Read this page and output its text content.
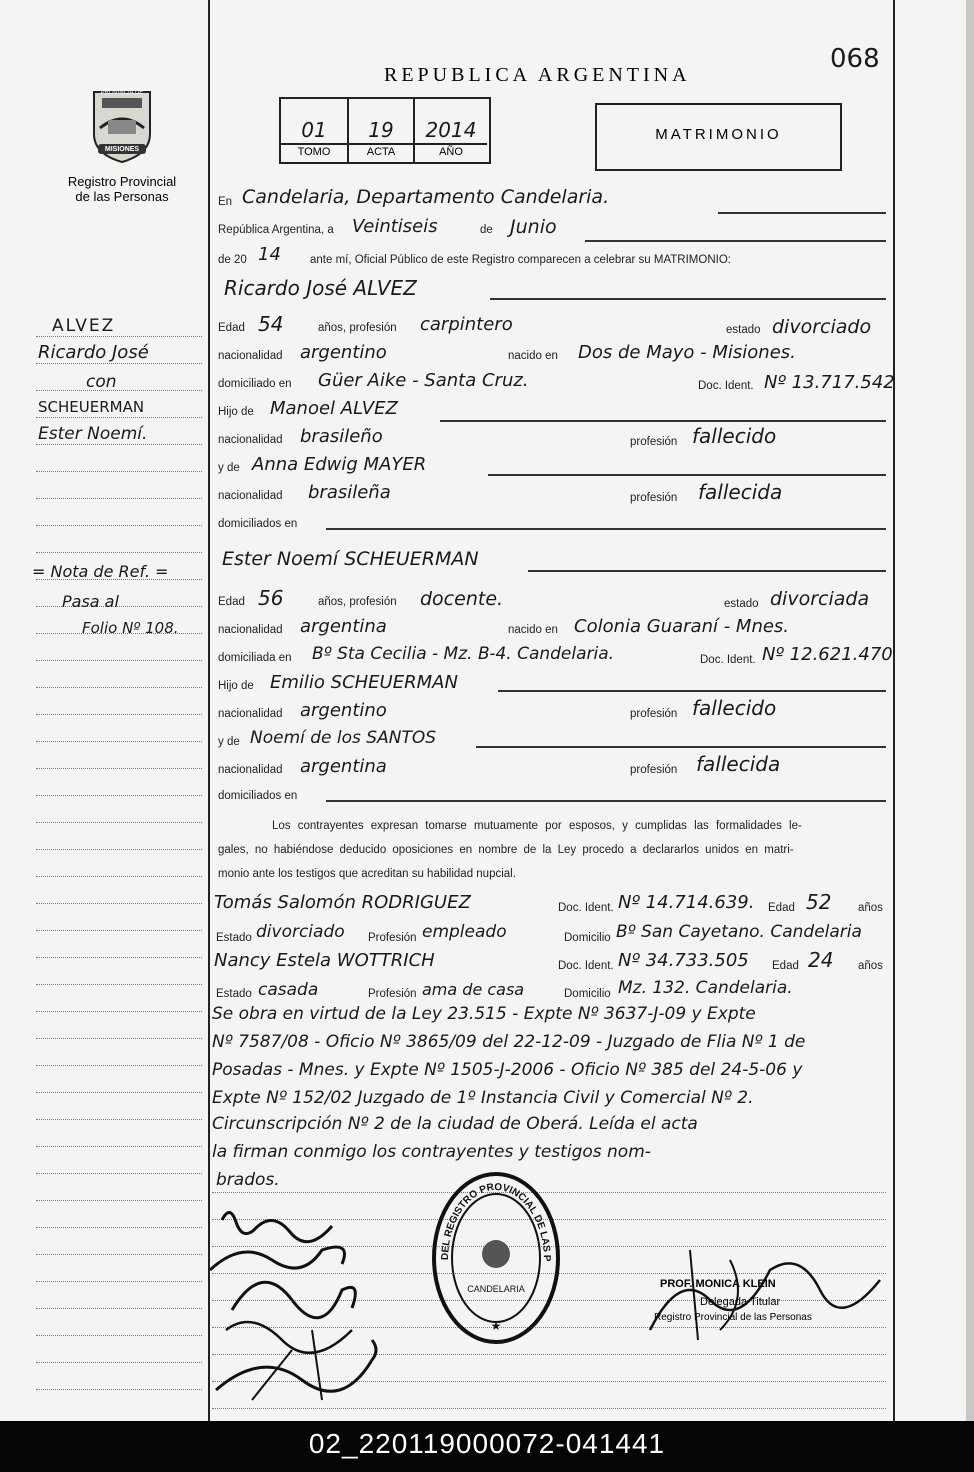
PROVINCIA DE
MISIONES
Registro Provincial
de las Personas
REPUBLICA ARGENTINA
068
01	19	2014
TOMO	ACTA	AÑO
MATRIMONIO
ALVEZ
Ricardo José
con
SCHEUERMAN
Ester Noemí.
= Nota de Ref. =
Pasa al
Folio Nº 108.
En Candelaria, Departamento Candelaria.
República Argentina, a Veintiseis	de Junio
de 20 14	ante mí, Oficial Público de este Registro comparecen a celebrar su MATRIMONIO:
Ricardo José ALVEZ
Edad 54	años, profesión carpintero	estado divorciado
nacionalidad argentino	nacido en Dos de Mayo - Misiones.
domiciliado en Güer Aike - Santa Cruz.	Doc. Ident. Nº 13.717.542
Hijo de Manoel ALVEZ
nacionalidad brasileño	profesión fallecido
y de Anna Edwig MAYER
nacionalidad brasileña	profesión fallecida
domiciliados en
Ester Noemí SCHEUERMAN
Edad 56	años, profesión docente.	estado divorciada
nacionalidad argentina	nacido en Colonia Guaraní - Mnes.
domiciliada en Bº Sta Cecilia - Mz. B-4. Candelaria.	Doc. Ident. Nº 12.621.470
Hijo de Emilio SCHEUERMAN
nacionalidad argentino	profesión fallecido
y de Noemí de los SANTOS
nacionalidad argentina	profesión fallecida
domiciliados en
Los contrayentes expresan tomarse mutuamente por esposos, y cumplidas las formalidades le-
gales, no habiéndose deducido oposiciones en nombre de la Ley procedo a declararlos unidos en matri-
monio ante los testigos que acreditan su habilidad nupcial.
Tomás Salomón RODRIGUEZ	Doc. Ident. Nº 14.714.639. Edad 52 años
Estado divorciado Profesión empleado	Domicilio Bº San Cayetano. Candelaria
Nancy Estela WOTTRICH	Doc. Ident. Nº 34.733.505 Edad 24 años
Estado casada	Profesión ama de casa	Domicilio Mz. 132. Candelaria.
Se obra en virtud de la Ley 23.515 - Expte Nº 3637-J-09 y Expte
Nº 7587/08 - Oficio Nº 3865/09 del 22-12-09 - Juzgado de Flia Nº 1 de
Posadas - Mnes. y Expte Nº 1505-J-2006 - Oficio Nº 385 del 24-5-06 y
Expte Nº 152/02 Juzgado de 1º Instancia Civil y Comercial Nº 2.
Circunscripción Nº 2 de la ciudad de Oberá. Leída el acta
la firman conmigo los contrayentes y testigos nom-
brados.
DEL REGISTRO PROVINCIAL DE LAS P
CANDELARIA
★
PROF. MONICA KLEIN
Delegada Titular
Registro Provincial de las Personas
02_220119000072-041441
